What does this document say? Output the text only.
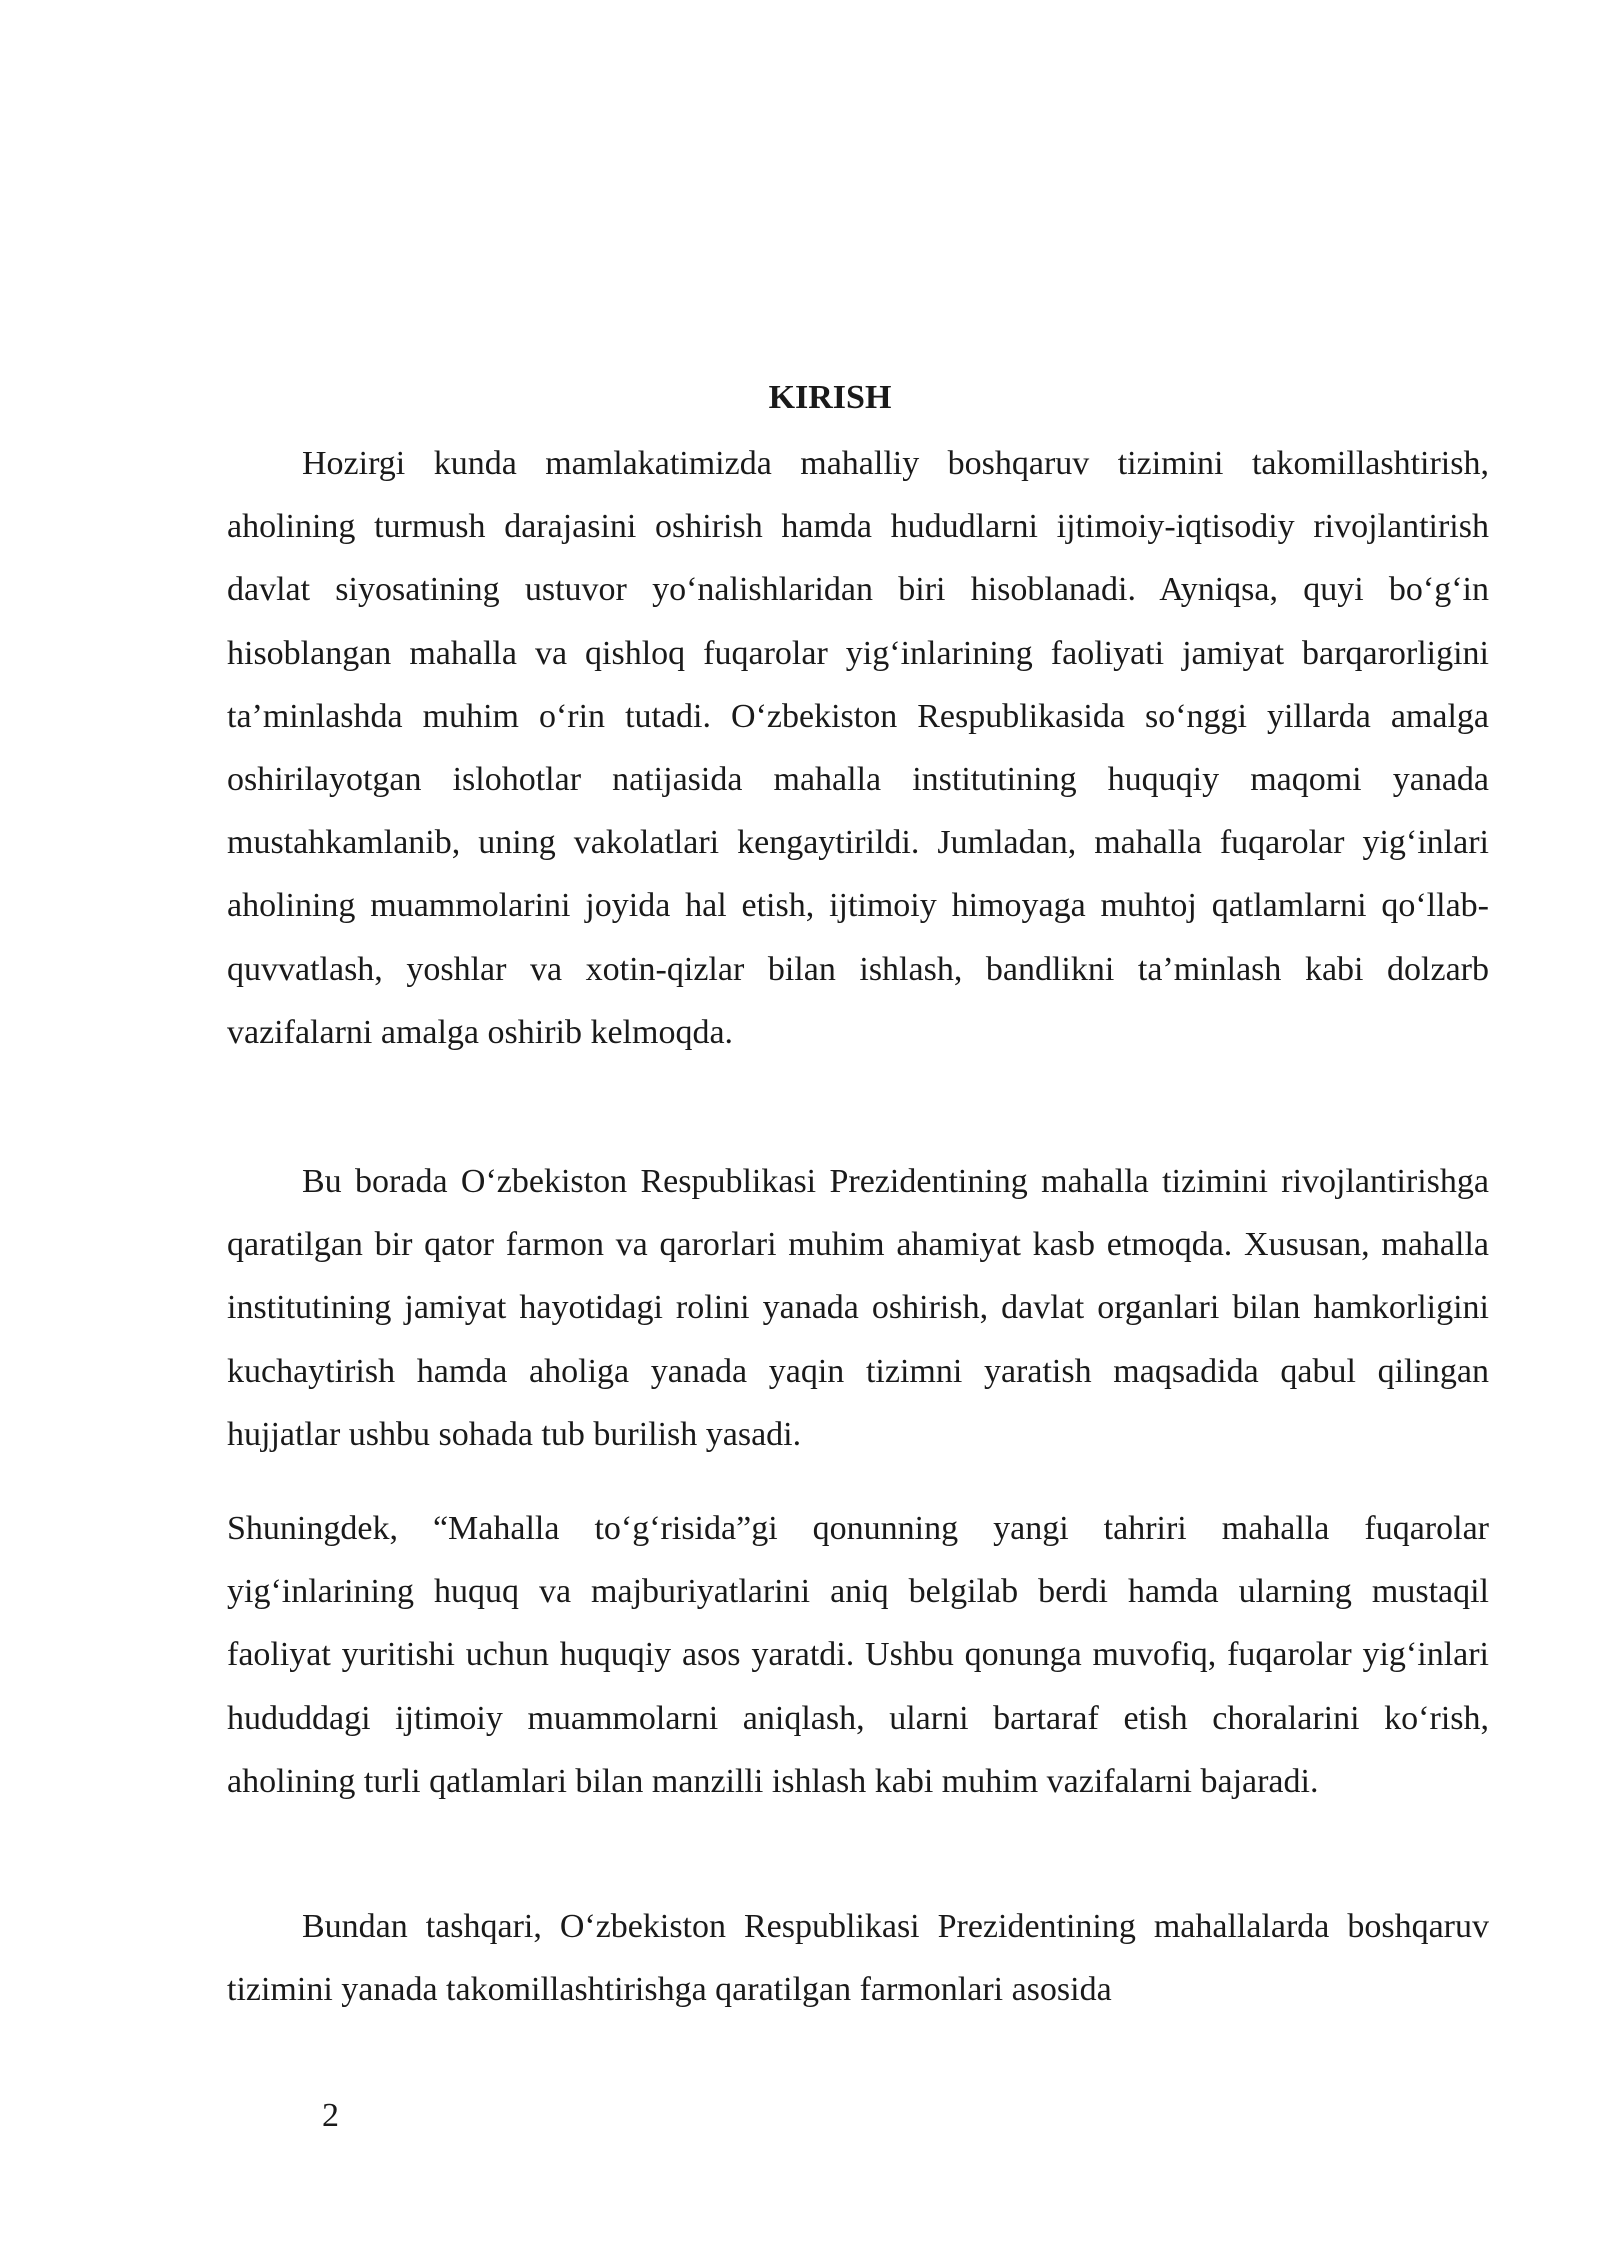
KIRISH

Hozirgi kunda mamlakatimizda mahalliy boshqaruv tizimini takomillashtirish, aholining turmush darajasini oshirish hamda hududlarni ijtimoiy-iqtisodiy rivojlantirish davlat siyosatining ustuvor yo‘nalishlaridan biri hisoblanadi. Ayniqsa, quyi bo‘g‘in hisoblangan mahalla va qishloq fuqarolar yig‘inlarining faoliyati jamiyat barqarorligini ta’minlashda muhim o‘rin tutadi. O‘zbekiston Respublikasida so‘nggi yillarda amalga oshirilayotgan islohotlar natijasida mahalla institutining huquqiy maqomi yanada mustahkamlanib, uning vakolatlari kengaytirildi. Jumladan, mahalla fuqarolar yig‘inlari aholining muammolarini joyida hal etish, ijtimoiy himoyaga muhtoj qatlamlarni qo‘llab-quvvatlash, yoshlar va xotin-qizlar bilan ishlash, bandlikni ta’minlash kabi dolzarb vazifalarni amalga oshirib kelmoqda.

Bu borada O‘zbekiston Respublikasi Prezidentining mahalla tizimini rivojlantirishga qaratilgan bir qator farmon va qarorlari muhim ahamiyat kasb etmoqda. Xususan, mahalla institutining jamiyat hayotidagi rolini yanada oshirish, davlat organlari bilan hamkorligini kuchaytirish hamda aholiga yanada yaqin tizimni yaratish maqsadida qabul qilingan hujjatlar ushbu sohada tub burilish yasadi.

Shuningdek, “Mahalla to‘g‘risida”gi qonunning yangi tahriri mahalla fuqarolar yig‘inlarining huquq va majburiyatlarini aniq belgilab berdi hamda ularning mustaqil faoliyat yuritishi uchun huquqiy asos yaratdi. Ushbu qonunga muvofiq, fuqarolar yig‘inlari hududdagi ijtimoiy muammolarni aniqlash, ularni bartaraf etish choralarini ko‘rish, aholining turli qatlamlari bilan manzilli ishlash kabi muhim vazifalarni bajaradi.

Bundan tashqari, O‘zbekiston Respublikasi Prezidentining mahallalarda boshqaruv tizimini yanada takomillashtirishga qaratilgan farmonlari asosida

2
